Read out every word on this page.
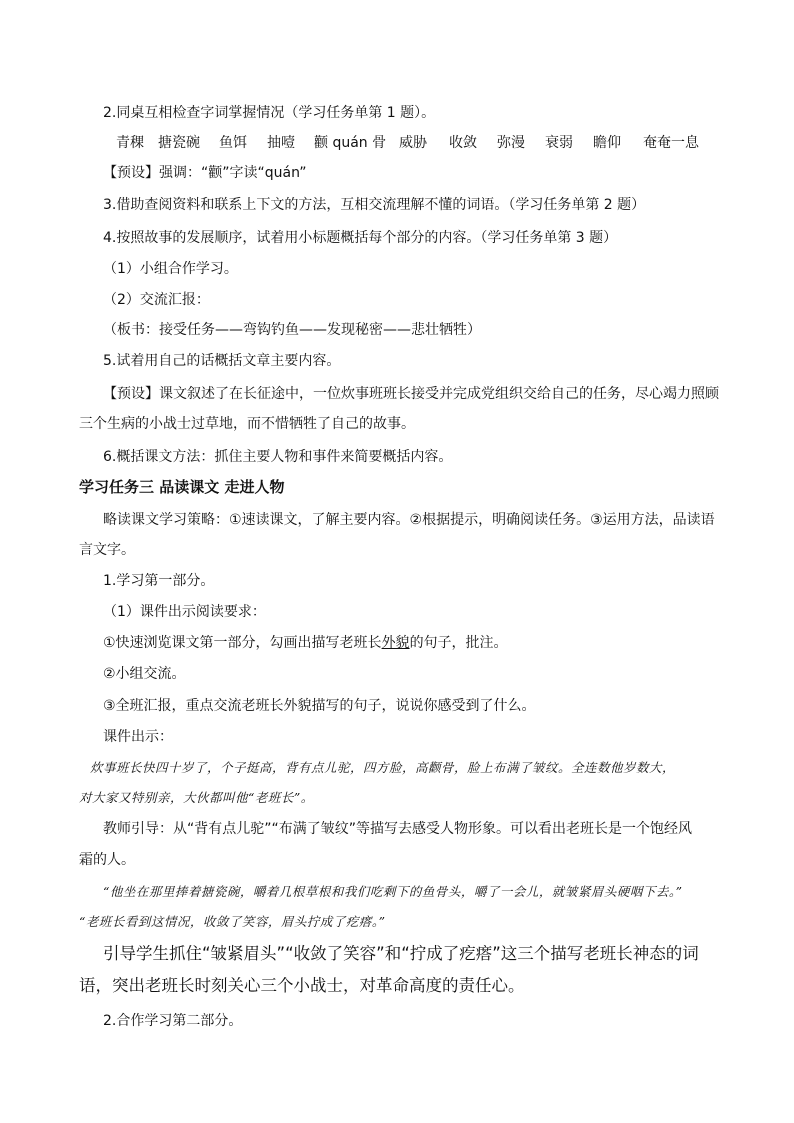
2.同桌互相检查字词掌握情况（学习任务单第 1 题）。
青稞 搪瓷碗 鱼饵 抽噎 颧 quán 骨 威胁 收敛 弥漫 衰弱 瞻仰 奄奄一息
【预设】强调：“颧”字读“quán”
3.借助查阅资料和联系上下文的方法，互相交流理解不懂的词语。（学习任务单第 2 题）
4.按照故事的发展顺序，试着用小标题概括每个部分的内容。（学习任务单第 3 题）
（1）小组合作学习。
（2）交流汇报：
（板书：接受任务——弯钩钓鱼——发现秘密——悲壮牺牲）
5.试着用自己的话概括文章主要内容。
【预设】课文叙述了在长征途中，一位炊事班班长接受并完成党组织交给自己的任务，尽心竭力照顾
三个生病的小战士过草地，而不惜牺牲了自己的故事。
6.概括课文方法：抓住主要人物和事件来简要概括内容。
学习任务三 品读课文 走进人物
略读课文学习策略：①速读课文，了解主要内容。②根据提示，明确阅读任务。③运用方法，品读语
言文字。
1.学习第一部分。
（1）课件出示阅读要求：
①快速浏览课文第一部分，勾画出描写老班长外貌的句子，批注。
②小组交流。
③全班汇报，重点交流老班长外貌描写的句子，说说你感受到了什么。
课件出示：
炊事班长快四十岁了，个子挺高，背有点儿驼，四方脸，高颧骨，脸上布满了皱纹。全连数他岁数大，
对大家又特别亲，大伙都叫他“老班长”。
教师引导：从“背有点儿驼”“布满了皱纹”等描写去感受人物形象。可以看出老班长是一个饱经风
霜的人。
“他坐在那里捧着搪瓷碗，嚼着几根草根和我们吃剩下的鱼骨头，嚼了一会儿，就皱紧眉头硬咽下去。”
“老班长看到这情况，收敛了笑容，眉头拧成了疙瘩。”
引导学生抓住“皱紧眉头”“收敛了笑容”和“拧成了疙瘩”这三个描写老班长神态的词
语，突出老班长时刻关心三个小战士，对革命高度的责任心。
2.合作学习第二部分。
